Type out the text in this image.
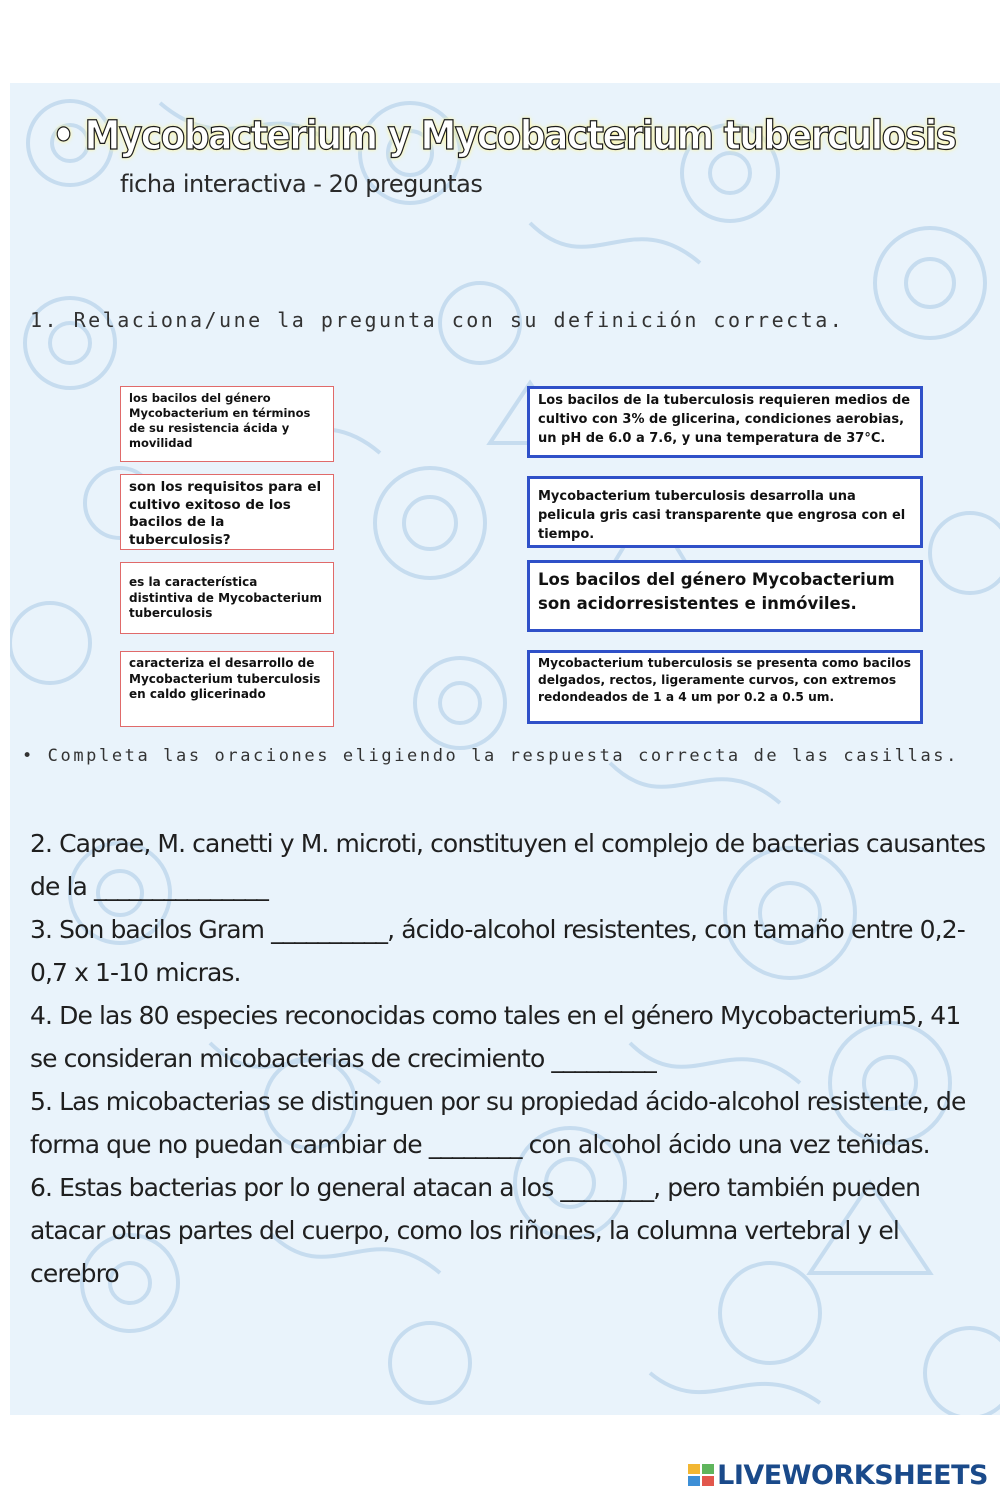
• Mycobacterium y Mycobacterium tuberculosis
ficha interactiva - 20 preguntas
1. Relaciona/une la pregunta con su definición correcta.
los bacilos del género Mycobacterium en términos de su resistencia ácida y movilidad
son los requisitos para el cultivo exitoso de los bacilos de la tuberculosis?
es la característica distintiva de Mycobacterium tuberculosis
caracteriza el desarrollo de Mycobacterium tuberculosis en caldo glicerinado
Los bacilos de la tuberculosis requieren medios de cultivo con 3% de glicerina, condiciones aerobias, un pH de 6.0 a 7.6, y una temperatura de 37°C.
Mycobacterium tuberculosis desarrolla una pelicula gris casi transparente que engrosa con el tiempo.
Los bacilos del género Mycobacterium son acidorresistentes e inmóviles.
Mycobacterium tuberculosis se presenta como bacilos delgados, rectos, ligeramente curvos, con extremos redondeados de 1 a 4 um por 0.2 a 0.5 um.
• Completa las oraciones eligiendo la respuesta correcta de las casillas.

2. Caprae, M. canetti y M. microti, constituyen el complejo de bacterias causantes de la _______________

3. Son bacilos Gram __________, ácido-alcohol resistentes, con tamaño entre 0,2-0,7 x 1-10 micras.

4. De las 80 especies reconocidas como tales en el género Mycobacterium5, 41 se consideran micobacterias de crecimiento _________

5. Las micobacterias se distinguen por su propiedad ácido-alcohol resistente, de forma que no puedan cambiar de ________ con alcohol ácido una vez teñidas.

6. Estas bacterias por lo general atacan a los ________, pero también pueden atacar otras partes del cuerpo, como los riñones, la columna vertebral y el cerebro

LIVEWORKSHEETS
